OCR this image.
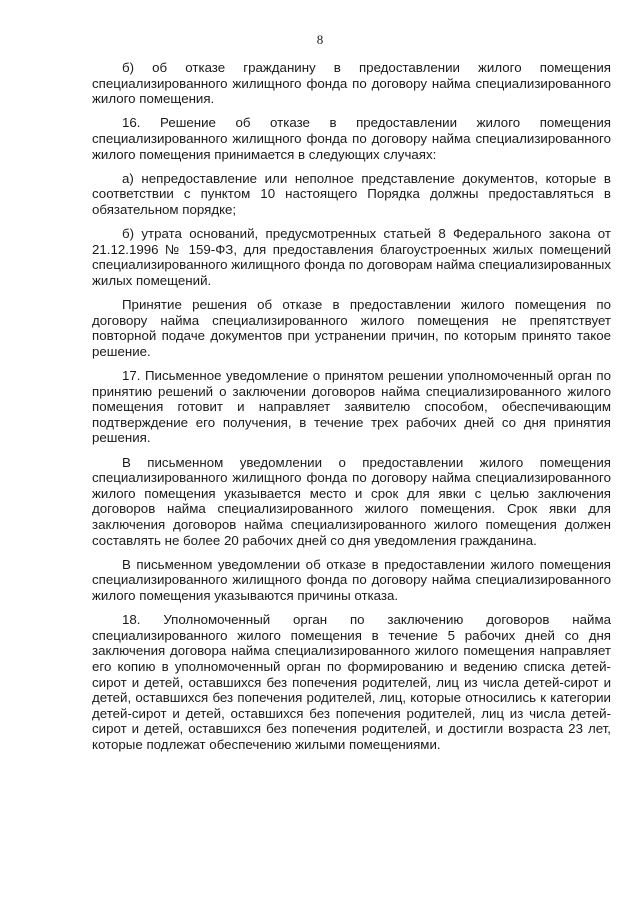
8

б) об отказе гражданину в предоставлении жилого помещения специализированного жилищного фонда по договору найма специализированного жилого помещения.

16. Решение об отказе в предоставлении жилого помещения специализированного жилищного фонда по договору найма специализированного жилого помещения принимается в следующих случаях:

а) непредоставление или неполное представление документов, которые в соответствии с пунктом 10 настоящего Порядка должны предоставляться в обязательном порядке;

б) утрата оснований, предусмотренных статьей 8 Федерального закона от 21.12.1996 № 159-ФЗ, для предоставления благоустроенных жилых помещений специализированного жилищного фонда по договорам найма специализированных жилых помещений.

Принятие решения об отказе в предоставлении жилого помещения по договору найма специализированного жилого помещения не препятствует повторной подаче документов при устранении причин, по которым принято такое решение.

17. Письменное уведомление о принятом решении уполномоченный орган по принятию решений о заключении договоров найма специализированного жилого помещения готовит и направляет заявителю способом, обеспечивающим подтверждение его получения, в течение трех рабочих дней со дня принятия решения.

В письменном уведомлении о предоставлении жилого помещения специализированного жилищного фонда по договору найма специализированного жилого помещения указывается место и срок для явки с целью заключения договоров найма специализированного жилого помещения. Срок явки для заключения договоров найма специализированного жилого помещения должен составлять не более 20 рабочих дней со дня уведомления гражданина.

В письменном уведомлении об отказе в предоставлении жилого помещения специализированного жилищного фонда по договору найма специализированного жилого помещения указываются причины отказа.

18. Уполномоченный орган по заключению договоров найма специализированного жилого помещения в течение 5 рабочих дней со дня заключения договора найма специализированного жилого помещения направляет его копию в уполномоченный орган по формированию и ведению списка детей-сирот и детей, оставшихся без попечения родителей, лиц из числа детей-сирот и детей, оставшихся без попечения родителей, лиц, которые относились к категории детей-сирот и детей, оставшихся без попечения родителей, лиц из числа детей-сирот и детей, оставшихся без попечения родителей, и достигли возраста 23 лет, которые подлежат обеспечению жилыми помещениями.
